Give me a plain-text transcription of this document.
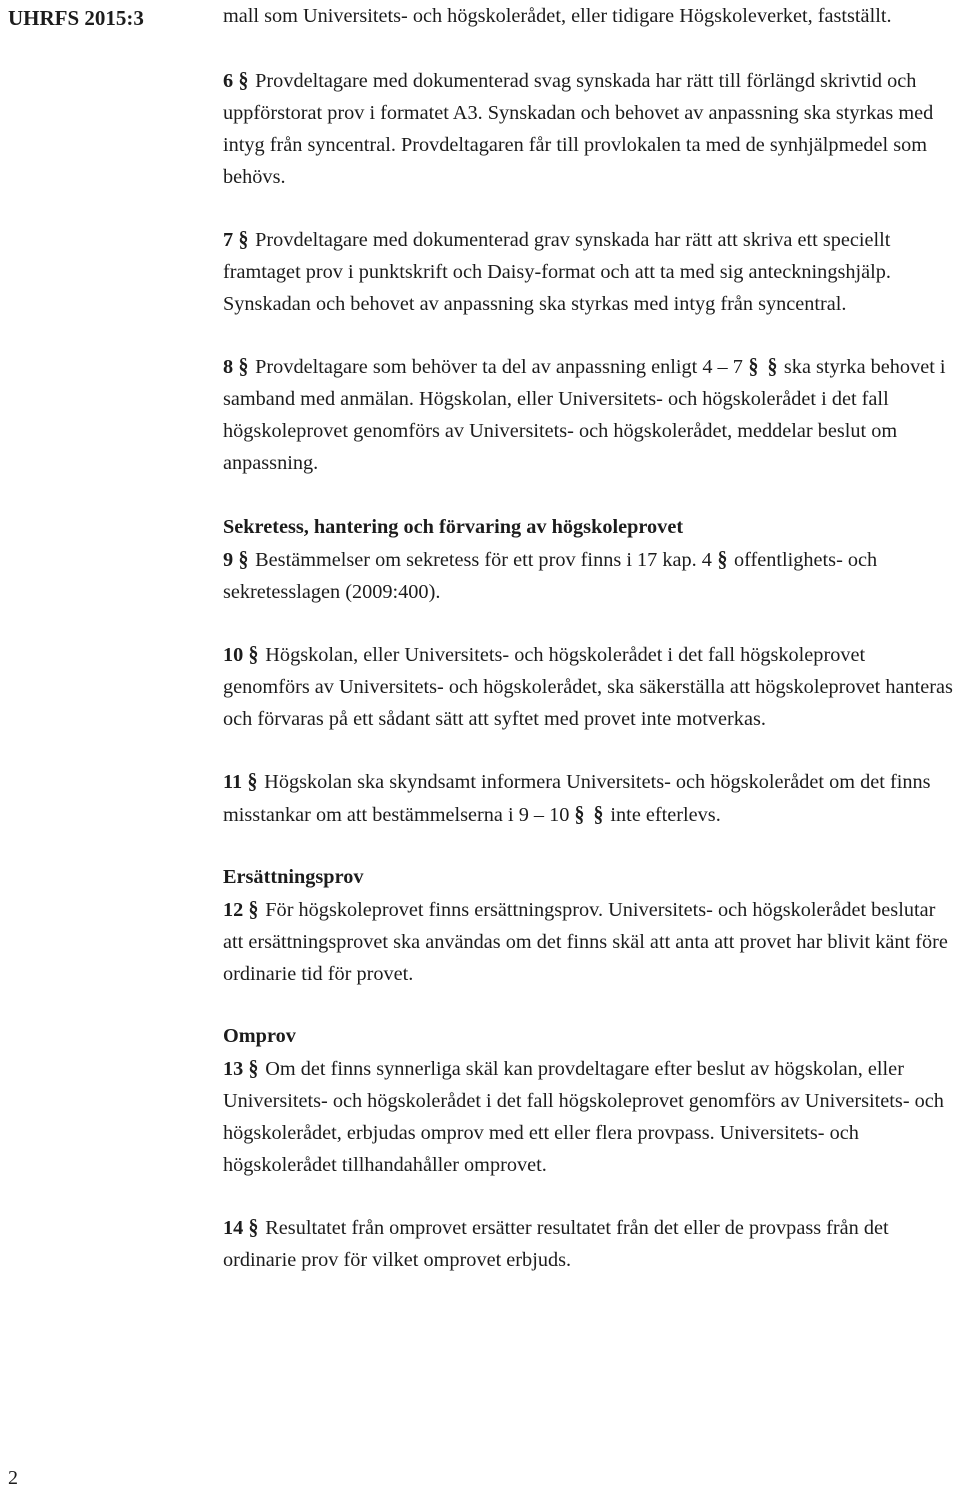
UHRFS 2015:3	mall som Universitets- och högskolerådet, eller tidigare Högskoleverket, fastställt.

6 § Provdeltagare med dokumenterad svag synskada har rätt till förlängd skrivtid och uppförstorat prov i formatet A3. Synskadan och behovet av anpassning ska styrkas med intyg från syncentral. Provdeltagaren får till provlokalen ta med de synhjälpmedel som behövs.

7 § Provdeltagare med dokumenterad grav synskada har rätt att skriva ett speciellt framtaget prov i punktskrift och Daisy-format och att ta med sig anteckningshjälp. Synskadan och behovet av anpassning ska styrkas med intyg från syncentral.

8 § Provdeltagare som behöver ta del av anpassning enligt 4 – 7 § § ska styrka behovet i samband med anmälan. Högskolan, eller Universitets- och högskolerådet i det fall högskoleprovet genomförs av Universitets- och högskolerådet, meddelar beslut om anpassning.

Sekretess, hantering och förvaring av högskoleprovet

9 § Bestämmelser om sekretess för ett prov finns i 17 kap. 4 § offentlighets- och sekretesslagen (2009:400).

10 § Högskolan, eller Universitets- och högskolerådet i det fall högskoleprovet genomförs av Universitets- och högskolerådet, ska säkerställa att högskoleprovet hanteras och förvaras på ett sådant sätt att syftet med provet inte motverkas.

11 § Högskolan ska skyndsamt informera Universitets- och högskolerådet om det finns misstankar om att bestämmelserna i 9 – 10 § § inte efterlevs.

Ersättningsprov

12 § För högskoleprovet finns ersättningsprov. Universitets- och högskolerådet beslutar att ersättningsprovet ska användas om det finns skäl att anta att provet har blivit känt före ordinarie tid för provet.

Omprov

13 § Om det finns synnerliga skäl kan provdeltagare efter beslut av högskolan, eller Universitets- och högskolerådet i det fall högskoleprovet genomförs av Universitets- och högskolerådet, erbjudas omprov med ett eller flera provpass. Universitets- och högskolerådet tillhandahåller omprovet.

14 § Resultatet från omprovet ersätter resultatet från det eller de provpass från det ordinarie prov för vilket omprovet erbjuds.

2
